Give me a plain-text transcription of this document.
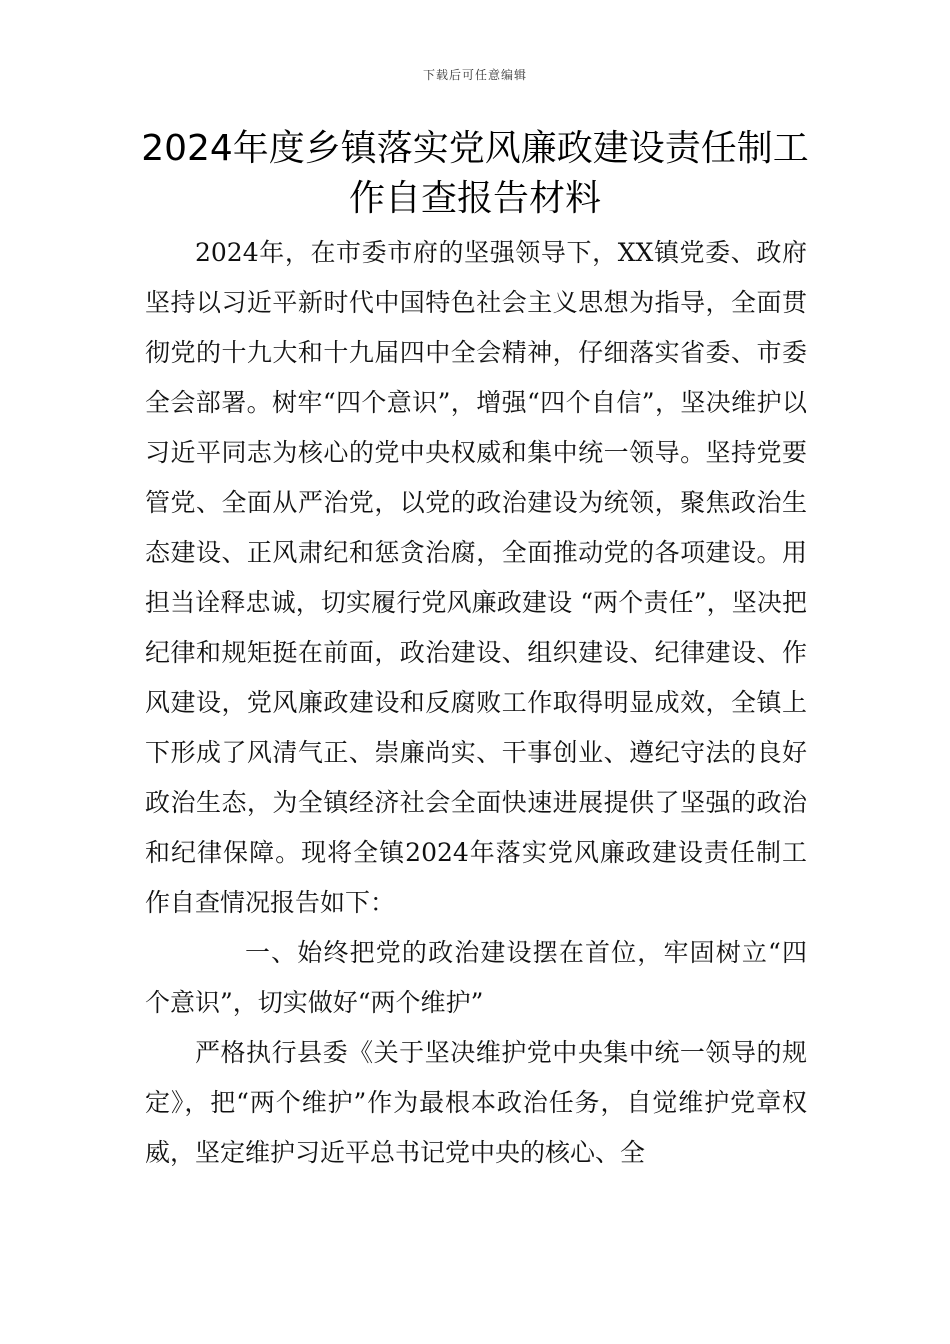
下载后可任意编辑
2024年度乡镇落实党风廉政建设责任制工作自查报告材料

2024年，在市委市府的坚强领导下，XX镇党委、政府坚持以习近平新时代中国特色社会主义思想为指导，全面贯彻党的十九大和十九届四中全会精神，仔细落实省委、市委全会部署。树牢“四个意识”，增强“四个自信”，坚决维护以习近平同志为核心的党中央权威和集中统一领导。坚持党要管党、全面从严治党，以党的政治建设为统领，聚焦政治生态建设、正风肃纪和惩贪治腐，全面推动党的各项建设。用担当诠释忠诚，切实履行党风廉政建设 “两个责任”，坚决把纪律和规矩挺在前面，政治建设、组织建设、纪律建设、作风建设，党风廉政建设和反腐败工作取得明显成效，全镇上下形成了风清气正、崇廉尚实、干事创业、遵纪守法的良好政治生态，为全镇经济社会全面快速进展提供了坚强的政治和纪律保障。现将全镇2024年落实党风廉政建设责任制工作自查情况报告如下：

一、始终把党的政治建设摆在首位，牢固树立“四个意识”，切实做好“两个维护”

严格执行县委《关于坚决维护党中央集中统一领导的规定》，把“两个维护”作为最根本政治任务，自觉维护党章权威，坚定维护习近平总书记党中央的核心、全
